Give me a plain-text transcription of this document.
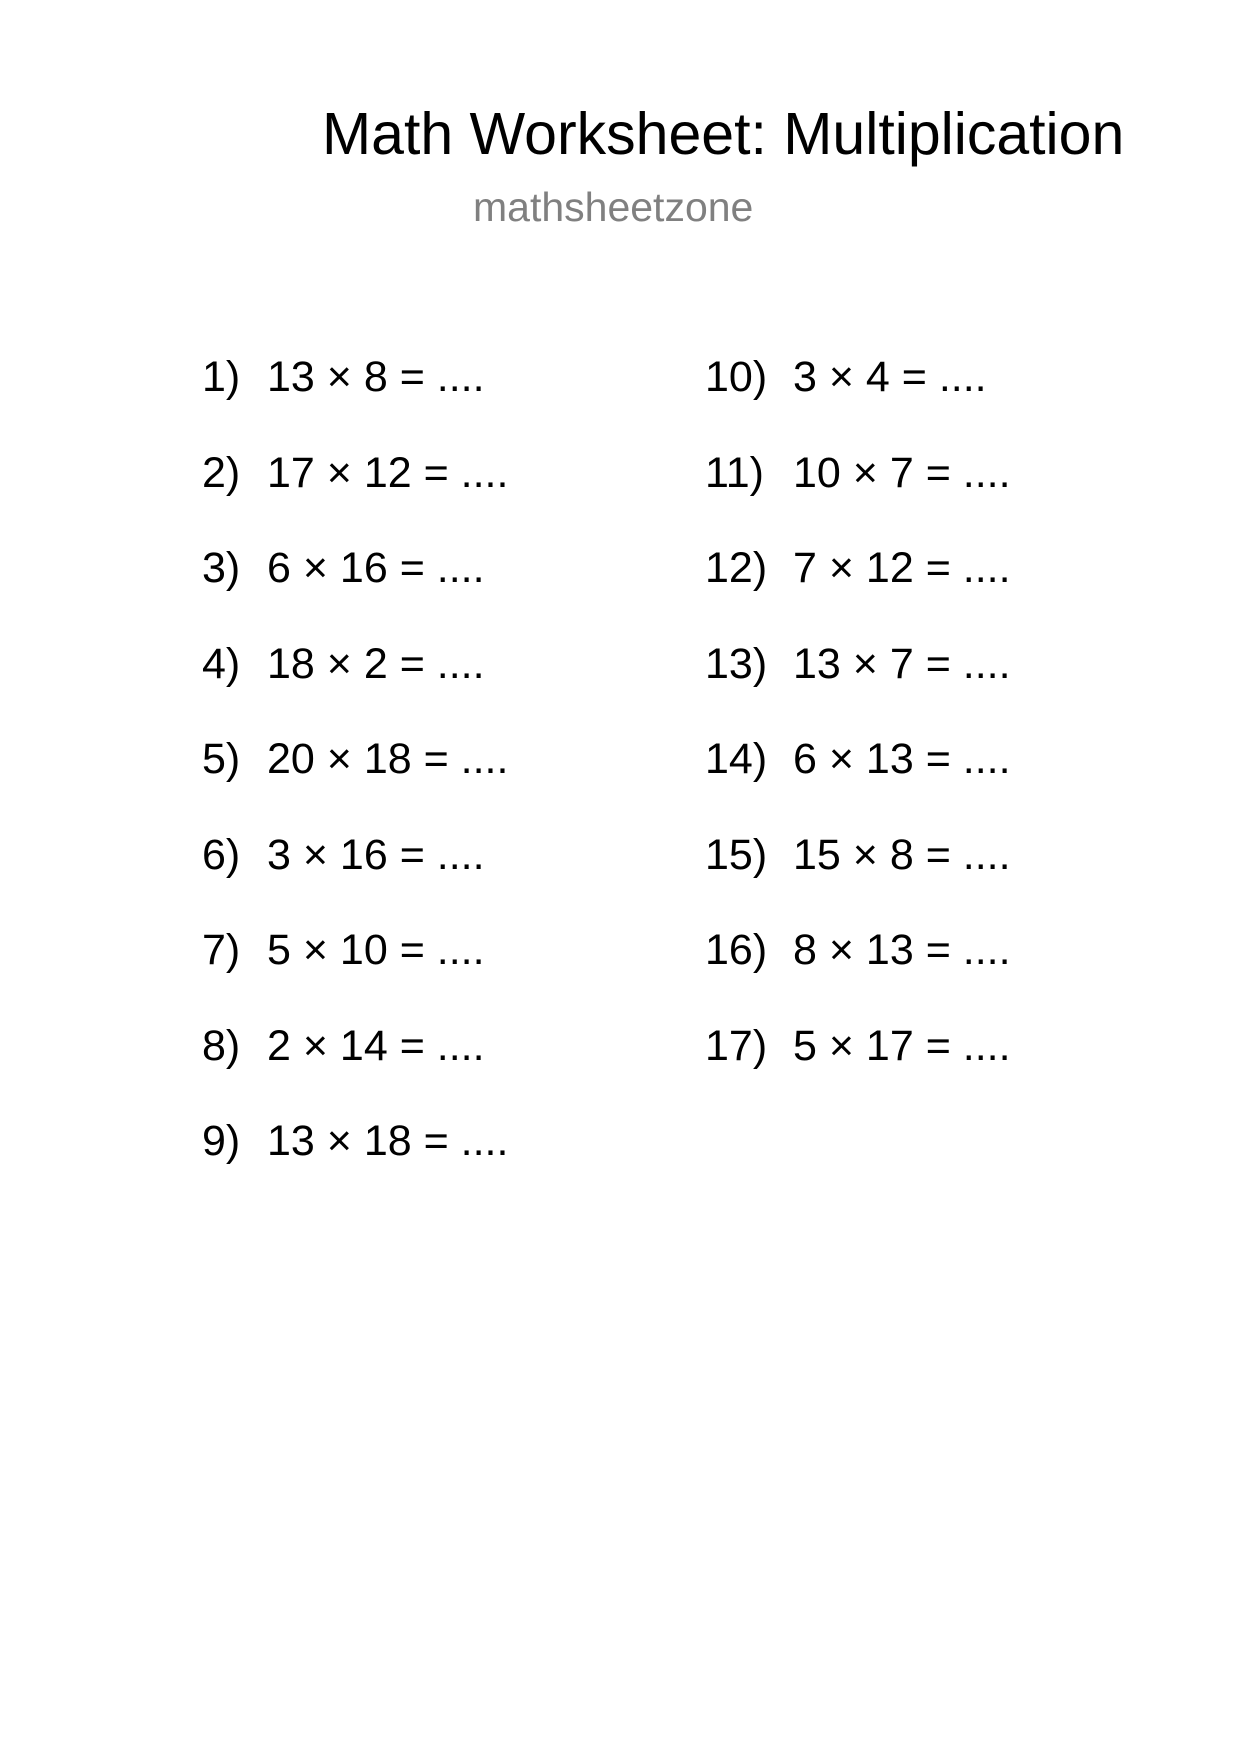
Math Worksheet: Multiplication
mathsheetzone
1) 13 × 8 = ....
2) 17 × 12 = ....
3) 6 × 16 = ....
4) 18 × 2 = ....
5) 20 × 18 = ....
6) 3 × 16 = ....
7) 5 × 10 = ....
8) 2 × 14 = ....
9) 13 × 18 = ....
10) 3 × 4 = ....
11) 10 × 7 = ....
12) 7 × 12 = ....
13) 13 × 7 = ....
14) 6 × 13 = ....
15) 15 × 8 = ....
16) 8 × 13 = ....
17) 5 × 17 = ....
